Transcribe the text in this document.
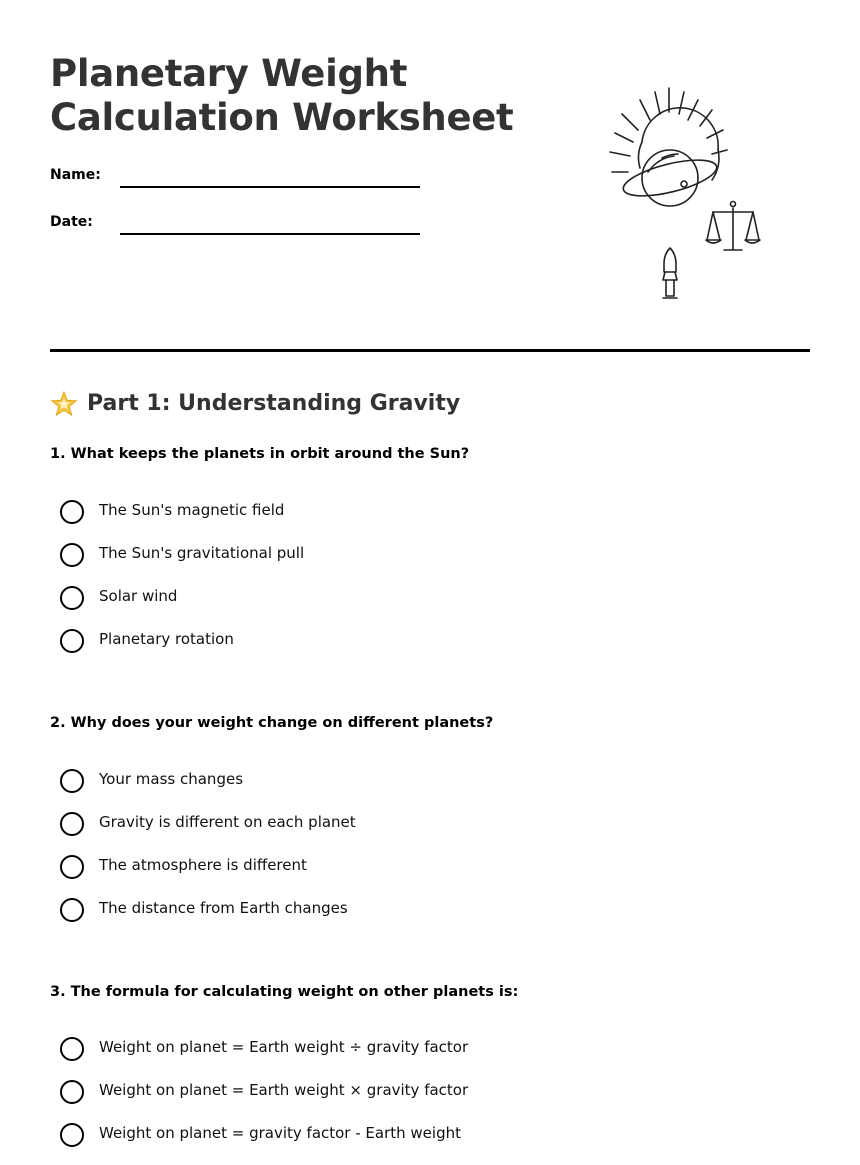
Planetary Weight
Calculation Worksheet
Name:
Date:
Part 1: Understanding Gravity

1. What keeps the planets in orbit around the Sun?

The Sun's magnetic field
The Sun's gravitational pull
Solar wind
Planetary rotation

2. Why does your weight change on different planets?

Your mass changes
Gravity is different on each planet
The atmosphere is different
The distance from Earth changes

3. The formula for calculating weight on other planets is:

Weight on planet = Earth weight ÷ gravity factor
Weight on planet = Earth weight × gravity factor
Weight on planet = gravity factor - Earth weight
